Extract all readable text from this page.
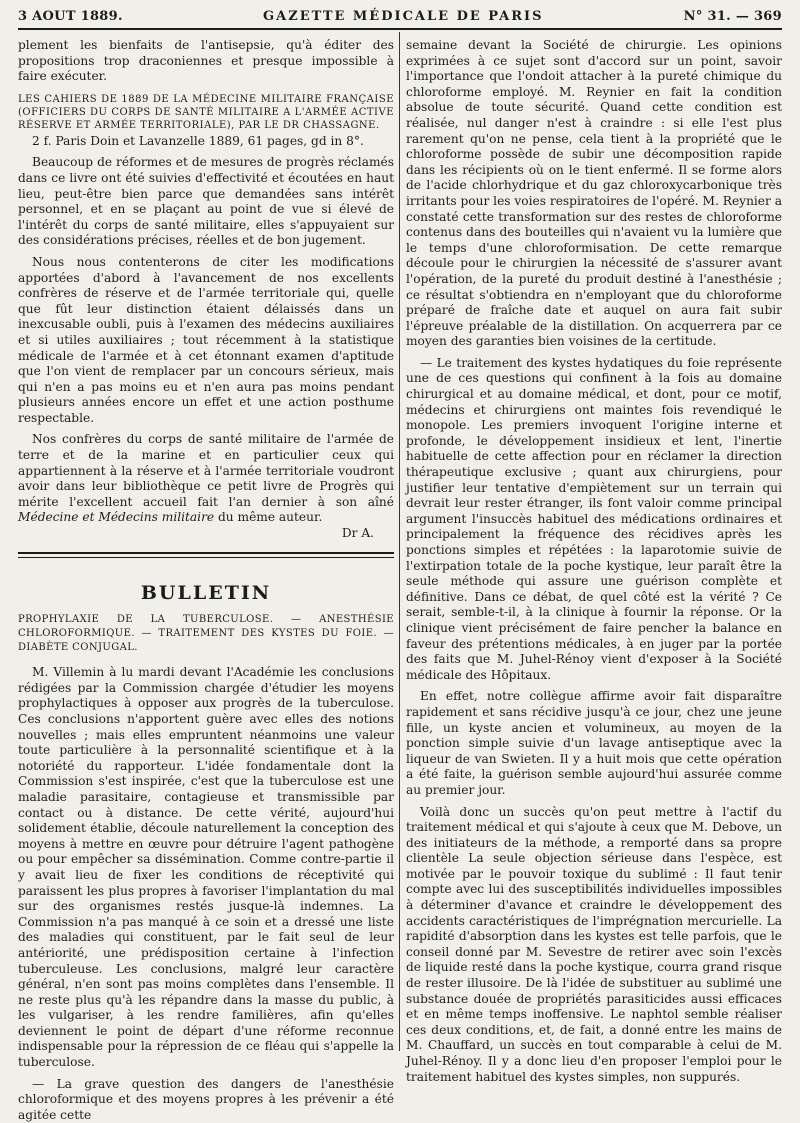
3 AOUT 1889.	GAZETTE MÉDICALE DE PARIS	N° 31. — 369

plement les bienfaits de l'antisepsie, qu'à éditer des propositions trop draconiennes et presque impossible à faire exécuter.

LES CAHIERS DE 1889 DE LA MÉDECINE MILITAIRE FRANÇAISE (OFFICIERS DU CORPS DE SANTÉ MILITAIRE A L'ARMÉE ACTIVE RÉSERVE ET ARMÉE TERRITORIALE), PAR LE DR CHASSAGNE.
2 f. Paris Doin et Lavanzelle 1889, 61 pages, gd in 8°.

Beaucoup de réformes et de mesures de progrès réclamés dans ce livre ont été suivies d'effectivité et écoutées en haut lieu, peut-être bien parce que demandées sans intérêt personnel, et en se plaçant au point de vue si élevé de l'intérêt du corps de santé militaire, elles s'appuyaient sur des considérations précises, réelles et de bon jugement.

Nous nous contenterons de citer les modifications apportées d'abord à l'avancement de nos excellents confrères de réserve et de l'armée territoriale qui, quelle que fût leur distinction étaient délaissés dans un inexcusable oubli, puis à l'examen des médecins auxiliaires et si utiles auxiliaires ; tout récemment à la statistique médicale de l'armée et à cet étonnant examen d'aptitude que l'on vient de remplacer par un concours sérieux, mais qui n'en a pas moins eu et n'en aura pas moins pendant plusieurs années encore un effet et une action posthume respectable.

Nos confrères du corps de santé militaire de l'armée de terre et de la marine et en particulier ceux qui appartiennent à la réserve et à l'armée territoriale voudront avoir dans leur bibliothèque ce petit livre de Progrès qui mérite l'excellent accueil fait l'an dernier à son aîné Médecine et Médecins militaire du même auteur.
Dr A.

BULLETIN
PROPHYLAXIE DE LA TUBERCULOSE. — ANESTHÉSIE CHLOROFORMIQUE. — TRAITEMENT DES KYSTES DU FOIE. — DIABÈTE CONJUGAL.

M. Villemin à lu mardi devant l'Académie les conclusions rédigées par la Commission chargée d'étudier les moyens prophylactiques à opposer aux progrès de la tuberculose. Ces conclusions n'apportent guère avec elles des notions nouvelles ; mais elles empruntent néanmoins une valeur toute particulière à la personnalité scientifique et à la notoriété du rapporteur. L'idée fondamentale dont la Commission s'est inspirée, c'est que la tuberculose est une maladie parasitaire, contagieuse et transmissible par contact ou à distance. De cette vérité, aujourd'hui solidement établie, découle naturellement la conception des moyens à mettre en œuvre pour détruire l'agent pathogène ou pour empêcher sa dissémination. Comme contre-partie il y avait lieu de fixer les conditions de réceptivité qui paraissent les plus propres à favoriser l'implantation du mal sur des organismes restés jusque-là indemnes. La Commission n'a pas manqué à ce soin et a dressé une liste des maladies qui constituent, par le fait seul de leur antériorité, une prédisposition certaine à l'infection tuberculeuse. Les conclusions, malgré leur caractère général, n'en sont pas moins complètes dans l'ensemble. Il ne reste plus qu'à les répandre dans la masse du public, à les vulgariser, à les rendre familières, afin qu'elles deviennent le point de départ d'une réforme reconnue indispensable pour la répression de ce fléau qui s'appelle la tuberculose.

— La grave question des dangers de l'anesthésie chloroformique et des moyens propres à les prévenir a été agitée cette

semaine devant la Société de chirurgie. Les opinions exprimées à ce sujet sont d'accord sur un point, savoir l'importance que l'ondoit attacher à la pureté chimique du chloroforme employé. M. Reynier en fait la condition absolue de toute sécurité. Quand cette condition est réalisée, nul danger n'est à craindre : si elle l'est plus rarement qu'on ne pense, cela tient à la propriété que le chloroforme possède de subir une décomposition rapide dans les récipients où on le tient enfermé. Il se forme alors de l'acide chlorhydrique et du gaz chloroxycarbonique très irritants pour les voies respiratoires de l'opéré. M. Reynier a constaté cette transformation sur des restes de chloroforme contenus dans des bouteilles qui n'avaient vu la lumière que le temps d'une chloroformisation. De cette remarque découle pour le chirurgien la nécessité de s'assurer avant l'opération, de la pureté du produit destiné à l'anesthésie ; ce résultat s'obtiendra en n'employant que du chloroforme préparé de fraîche date et auquel on aura fait subir l'épreuve préalable de la distillation. On acquerrera par ce moyen des garanties bien voisines de la certitude.

— Le traitement des kystes hydatiques du foie représente une de ces questions qui confinent à la fois au domaine chirurgical et au domaine médical, et dont, pour ce motif, médecins et chirurgiens ont maintes fois revendiqué le monopole. Les premiers invoquent l'origine interne et profonde, le développement insidieux et lent, l'inertie habituelle de cette affection pour en réclamer la direction thérapeutique exclusive ; quant aux chirurgiens, pour justifier leur tentative d'empiètement sur un terrain qui devrait leur rester étranger, ils font valoir comme principal argument l'insuccès habituel des médications ordinaires et principalement la fréquence des récidives après les ponctions simples et répétées : la laparotomie suivie de l'extirpation totale de la poche kystique, leur paraît être la seule méthode qui assure une guérison complète et définitive. Dans ce débat, de quel côté est la vérité ? Ce serait, semble-t-il, à la clinique à fournir la réponse. Or la clinique vient précisément de faire pencher la balance en faveur des prétentions médicales, à en juger par la portée des faits que M. Juhel-Rénoy vient d'exposer à la Société médicale des Hôpitaux.

En effet, notre collègue affirme avoir fait disparaître rapidement et sans récidive jusqu'à ce jour, chez une jeune fille, un kyste ancien et volumineux, au moyen de la ponction simple suivie d'un lavage antiseptique avec la liqueur de van Swieten. Il y a huit mois que cette opération a été faite, la guérison semble aujourd'hui assurée comme au premier jour.

Voilà donc un succès qu'on peut mettre à l'actif du traitement médical et qui s'ajoute à ceux que M. Debove, un des initiateurs de la méthode, a remporté dans sa propre clientèle La seule objection sérieuse dans l'espèce, est motivée par le pouvoir toxique du sublimé : Il faut tenir compte avec lui des susceptibilités individuelles impossibles à déterminer d'avance et craindre le développement des accidents caractéristiques de l'imprégnation mercurielle. La rapidité d'absorption dans les kystes est telle parfois, que le conseil donné par M. Sevestre de retirer avec soin l'excès de liquide resté dans la poche kystique, courra grand risque de rester illusoire. De là l'idée de substituer au sublimé une substance douée de propriétés parasiticides aussi efficaces et en même temps inoffensive. Le naphtol semble réaliser ces deux conditions, et, de fait, a donné entre les mains de M. Chauffard, un succès en tout comparable à celui de M. Juhel-Rénoy. Il y a donc lieu d'en proposer l'emploi pour le traitement habituel des kystes simples, non suppurés.
